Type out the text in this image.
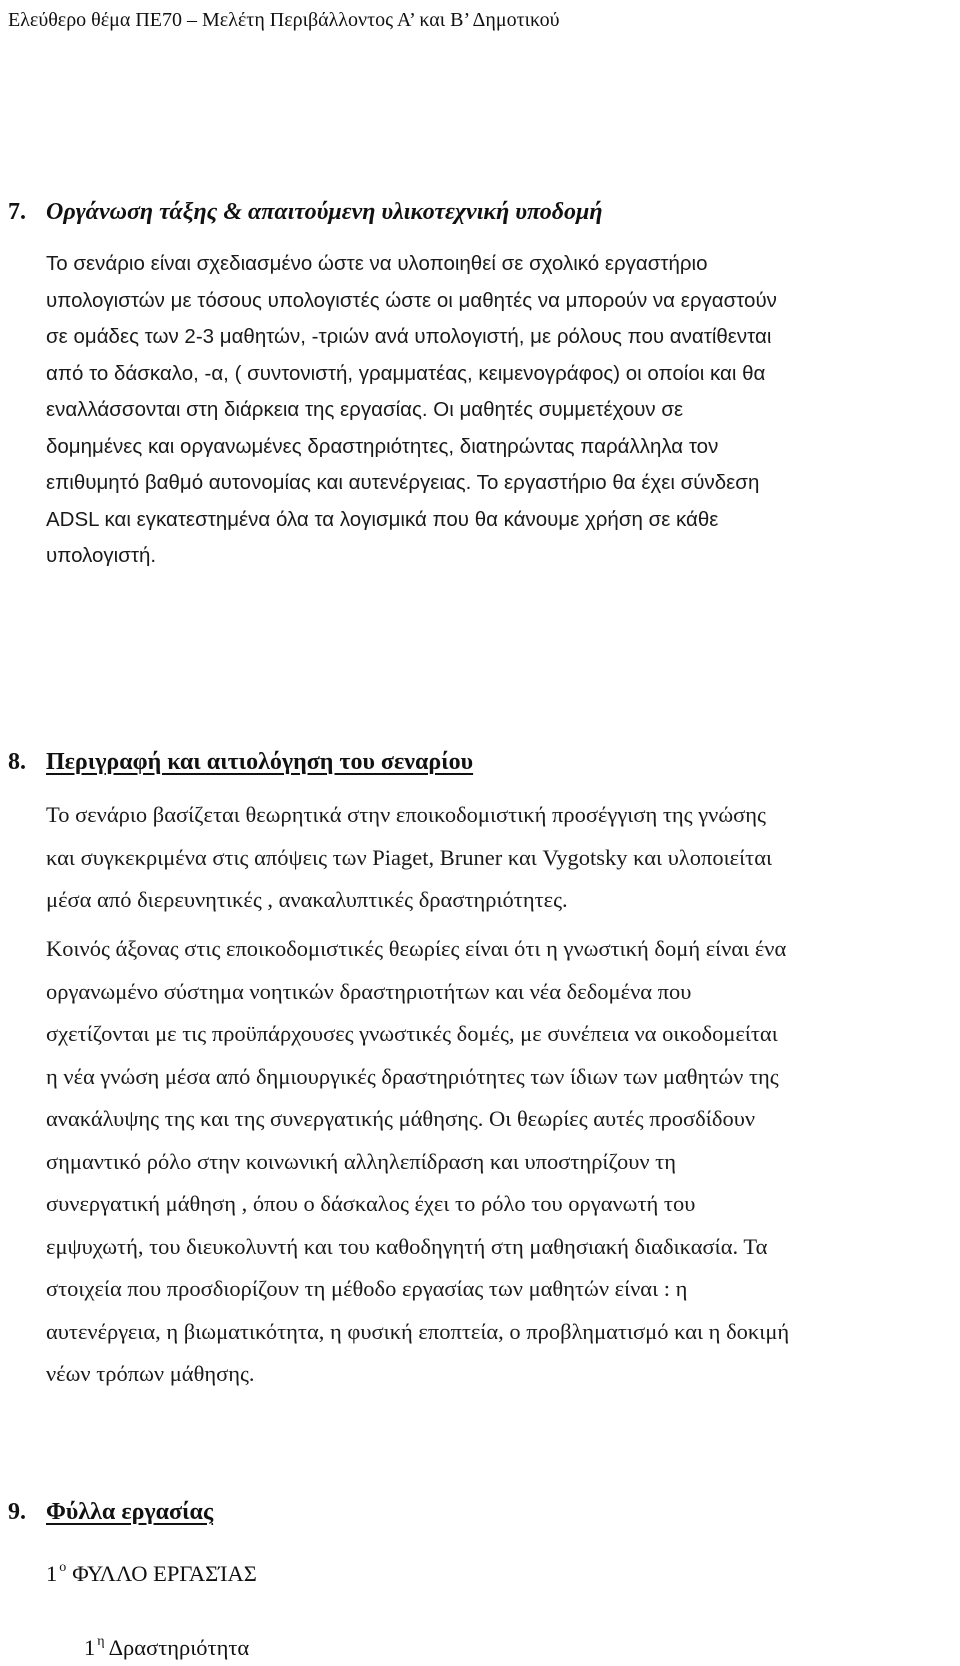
Ελεύθερο θέμα ΠΕ70 – Μελέτη Περιβάλλοντος Α’ και Β’ Δημοτικού
7. Οργάνωση τάξης & απαιτούμενη υλικοτεχνική υποδομή
Το σενάριο είναι σχεδιασμένο ώστε να υλοποιηθεί σε σχολικό εργαστήριο
υπολογιστών με τόσους υπολογιστές ώστε οι μαθητές να μπορούν να εργαστούν
σε ομάδες των 2-3 μαθητών, -τριών ανά υπολογιστή, με ρόλους που ανατίθενται
από το δάσκαλο, -α, ( συντονιστή, γραμματέας, κειμενογράφος) οι οποίοι και θα
εναλλάσσονται στη διάρκεια της εργασίας. Οι μαθητές συμμετέχουν σε
δομημένες και οργανωμένες δραστηριότητες, διατηρώντας παράλληλα τον
επιθυμητό βαθμό αυτονομίας και αυτενέργειας. Το εργαστήριο θα έχει σύνδεση
ADSL και εγκατεστημένα όλα τα λογισμικά που θα κάνουμε χρήση σε κάθε
υπολογιστή.
8. Περιγραφή και αιτιολόγηση του σεναρίου
Το σενάριο βασίζεται θεωρητικά στην εποικοδομιστική προσέγγιση της γνώσης
και συγκεκριμένα στις απόψεις των Piaget, Bruner και Vygotsky και υλοποιείται
μέσα από διερευνητικές , ανακαλυπτικές δραστηριότητες.
Κοινός άξονας στις εποικοδομιστικές θεωρίες είναι ότι η γνωστική δομή είναι ένα
οργανωμένο σύστημα νοητικών δραστηριοτήτων και νέα δεδομένα που
σχετίζονται με τις προϋπάρχουσες γνωστικές δομές, με συνέπεια να οικοδομείται
η νέα γνώση μέσα από δημιουργικές δραστηριότητες των ίδιων των μαθητών της
ανακάλυψης της και της συνεργατικής μάθησης. Οι θεωρίες αυτές προσδίδουν
σημαντικό ρόλο στην κοινωνική αλληλεπίδραση και υποστηρίζουν τη
συνεργατική μάθηση , όπου ο δάσκαλος έχει το ρόλο του οργανωτή του
εμψυχωτή, του διευκολυντή και του καθοδηγητή στη μαθησιακή διαδικασία. Τα
στοιχεία που προσδιορίζουν τη μέθοδο εργασίας των μαθητών είναι : η
αυτενέργεια, η βιωματικότητα, η φυσική εποπτεία, ο προβληματισμό και η δοκιμή
νέων τρόπων μάθησης.
9. Φύλλα εργασίας
1 $^o$ ΦΥΛΛΟ ΕΡΓΑΣΊΑΣ
1 $^\eta$ Δραστηριότητα
